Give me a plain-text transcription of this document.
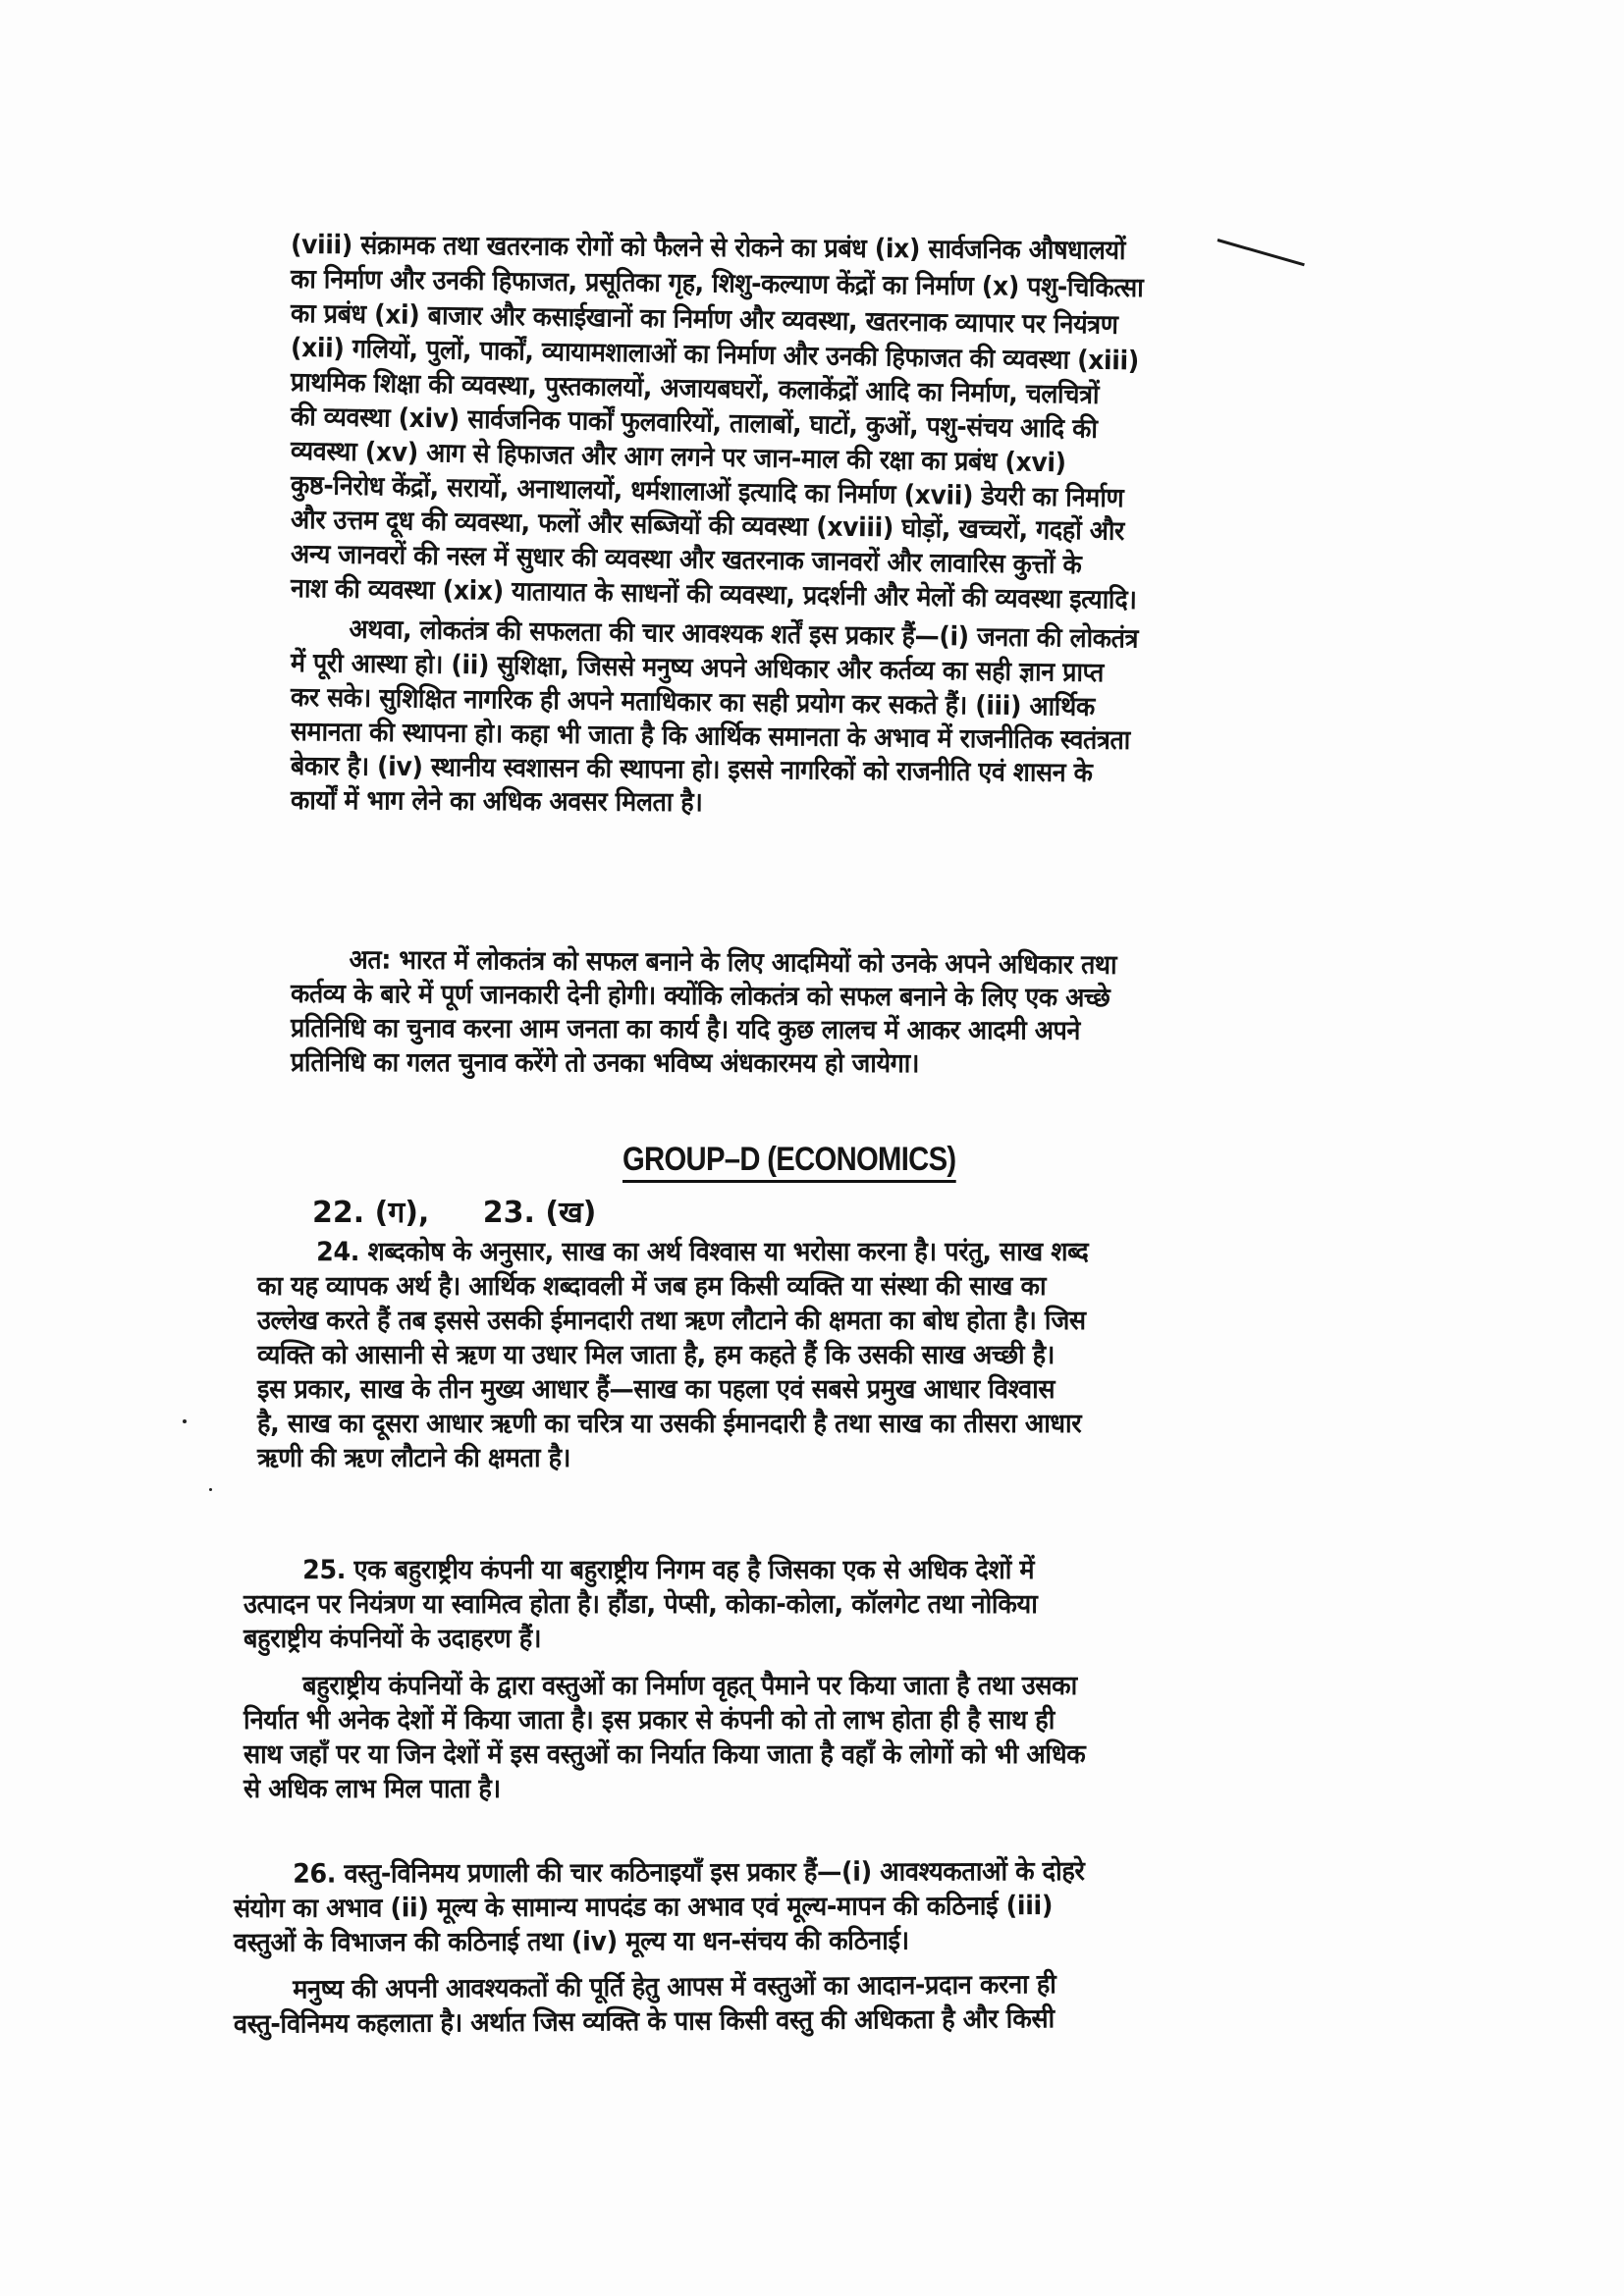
(viii) संक्रामक तथा खतरनाक रोगों को फैलने से रोकने का प्रबंध (ix) सार्वजनिक औषधालयों
का निर्माण और उनकी हिफाजत, प्रसूतिका गृह, शिशु-कल्याण केंद्रों का निर्माण (x) पशु-चिकित्सा
का प्रबंध (xi) बाजार और कसाईखानों का निर्माण और व्यवस्था, खतरनाक व्यापार पर नियंत्रण
(xii) गलियों, पुलों, पार्कों, व्यायामशालाओं का निर्माण और उनकी हिफाजत की व्यवस्था (xiii)
प्राथमिक शिक्षा की व्यवस्था, पुस्तकालयों, अजायबघरों, कलाकेंद्रों आदि का निर्माण, चलचित्रों
की व्यवस्था (xiv) सार्वजनिक पार्कों फुलवारियों, तालाबों, घाटों, कुओं, पशु-संचय आदि की
व्यवस्था (xv) आग से हिफाजत और आग लगने पर जान-माल की रक्षा का प्रबंध (xvi)
कुष्ठ-निरोध केंद्रों, सरायों, अनाथालयों, धर्मशालाओं इत्यादि का निर्माण (xvii) डेयरी का निर्माण
और उत्तम दूध की व्यवस्था, फलों और सब्जियों की व्यवस्था (xviii) घोड़ों, खच्चरों, गदहों और
अन्य जानवरों की नस्ल में सुधार की व्यवस्था और खतरनाक जानवरों और लावारिस कुत्तों के
नाश की व्यवस्था (xix) यातायात के साधनों की व्यवस्था, प्रदर्शनी और मेलों की व्यवस्था इत्यादि।
अथवा, लोकतंत्र की सफलता की चार आवश्यक शर्तें इस प्रकार हैं—(i) जनता की लोकतंत्र
में पूरी आस्था हो। (ii) सुशिक्षा, जिससे मनुष्य अपने अधिकार और कर्तव्य का सही ज्ञान प्राप्त
कर सके। सुशिक्षित नागरिक ही अपने मताधिकार का सही प्रयोग कर सकते हैं। (iii) आर्थिक
समानता की स्थापना हो। कहा भी जाता है कि आर्थिक समानता के अभाव में राजनीतिक स्वतंत्रता
बेकार है। (iv) स्थानीय स्वशासन की स्थापना हो। इससे नागरिकों को राजनीति एवं शासन के
कार्यों में भाग लेने का अधिक अवसर मिलता है।
अत: भारत में लोकतंत्र को सफल बनाने के लिए आदमियों को उनके अपने अधिकार तथा
कर्तव्य के बारे में पूर्ण जानकारी देनी होगी। क्योंकि लोकतंत्र को सफल बनाने के लिए एक अच्छे
प्रतिनिधि का चुनाव करना आम जनता का कार्य है। यदि कुछ लालच में आकर आदमी अपने
प्रतिनिधि का गलत चुनाव करेंगे तो उनका भविष्य अंधकारमय हो जायेगा।
GROUP–D (ECONOMICS)
22. (ग), 23. (ख)
24. शब्दकोष के अनुसार, साख का अर्थ विश्वास या भरोसा करना है। परंतु, साख शब्द
का यह व्यापक अर्थ है। आर्थिक शब्दावली में जब हम किसी व्यक्ति या संस्था की साख का
उल्लेख करते हैं तब इससे उसकी ईमानदारी तथा ऋण लौटाने की क्षमता का बोध होता है। जिस
व्यक्ति को आसानी से ऋण या उधार मिल जाता है, हम कहते हैं कि उसकी साख अच्छी है।
इस प्रकार, साख के तीन मुख्य आधार हैं—साख का पहला एवं सबसे प्रमुख आधार विश्वास
है, साख का दूसरा आधार ऋणी का चरित्र या उसकी ईमानदारी है तथा साख का तीसरा आधार
ऋणी की ऋण लौटाने की क्षमता है।
25. एक बहुराष्ट्रीय कंपनी या बहुराष्ट्रीय निगम वह है जिसका एक से अधिक देशों में
उत्पादन पर नियंत्रण या स्वामित्व होता है। हौंडा, पेप्सी, कोका-कोला, कॉलगेट तथा नोकिया
बहुराष्ट्रीय कंपनियों के उदाहरण हैं।
बहुराष्ट्रीय कंपनियों के द्वारा वस्तुओं का निर्माण वृहत् पैमाने पर किया जाता है तथा उसका
निर्यात भी अनेक देशों में किया जाता है। इस प्रकार से कंपनी को तो लाभ होता ही है साथ ही
साथ जहाँ पर या जिन देशों में इस वस्तुओं का निर्यात किया जाता है वहाँ के लोगों को भी अधिक
से अधिक लाभ मिल पाता है।
26. वस्तु-विनिमय प्रणाली की चार कठिनाइयाँ इस प्रकार हैं—(i) आवश्यकताओं के दोहरे
संयोग का अभाव (ii) मूल्य के सामान्य मापदंड का अभाव एवं मूल्य-मापन की कठिनाई (iii)
वस्तुओं के विभाजन की कठिनाई तथा (iv) मूल्य या धन-संचय की कठिनाई।
मनुष्य की अपनी आवश्यकतों की पूर्ति हेतु आपस में वस्तुओं का आदान-प्रदान करना ही
वस्तु-विनिमय कहलाता है। अर्थात जिस व्यक्ति के पास किसी वस्तु की अधिकता है और किसी
